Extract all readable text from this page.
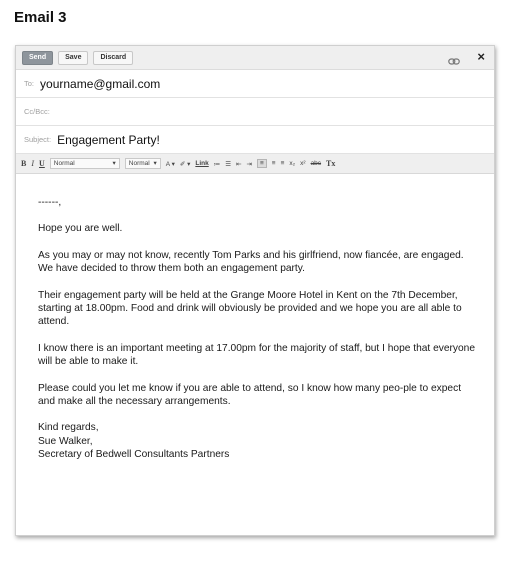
Email 3
Send	Save	Discard	×
To: yourname@gmail.com
Cc/Bcc:
Subject: Engagement Party!
B I U	Normal	▾	Normal ▾ A ▾ ✐ ▾ Link ≔ ☰ ⇤ ⇥	≡	≡ ≡ x₂ x² abc Tx

------,

Hope you are well.

As you may or may not know, recently Tom Parks and his girlfriend, now fiancée, are engaged. We have decided to throw them both an engagement party.

Their engagement party will be held at the Grange Moore Hotel in Kent on the 7th December, starting at 18.00pm. Food and drink will obviously be provided and we hope you are all able to attend.

I know there is an important meeting at 17.00pm for the majority of staff, but I hope that everyone will be able to make it.

Please could you let me know if you are able to attend, so I know how many peo-ple to expect and make all the necessary arrangements.

Kind regards,
Sue Walker,
Secretary of Bedwell Consultants Partners
